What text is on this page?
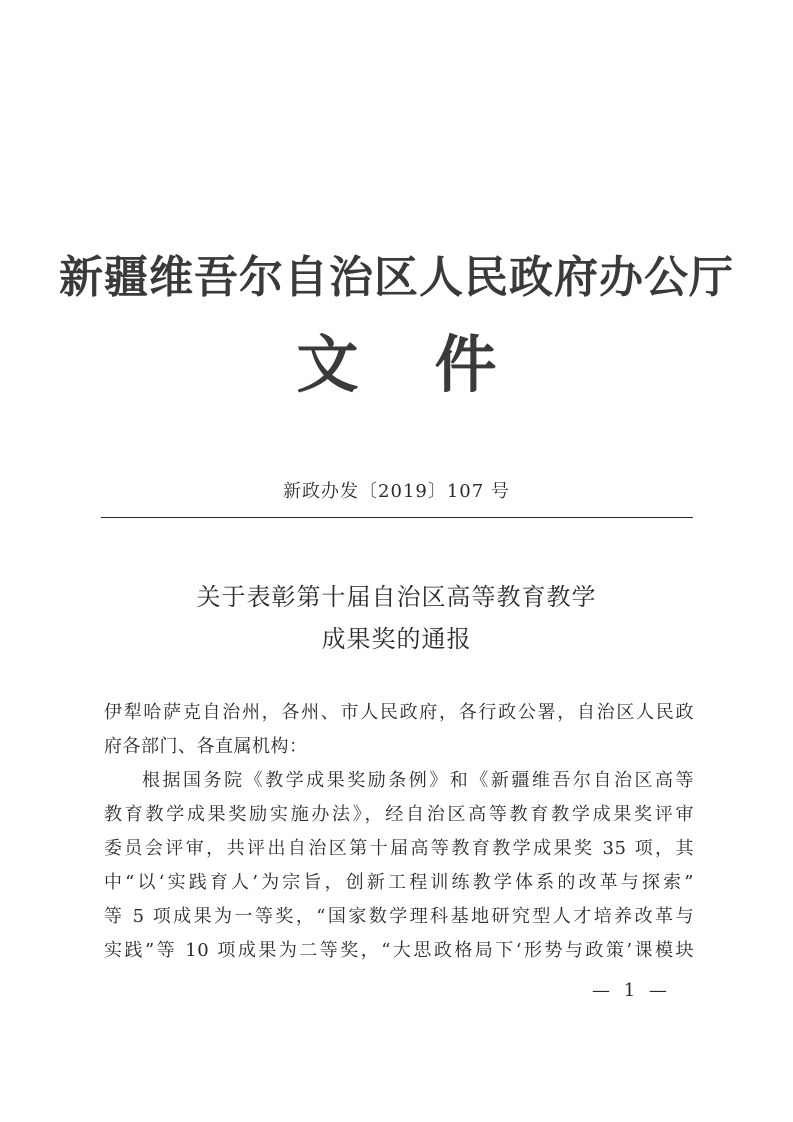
新疆维吾尔自治区人民政府办公厅
文件
新政办发〔2019〕107 号
关于表彰第十届自治区高等教育教学
成果奖的通报
伊犁哈萨克自治州，各州、市人民政府，各行政公署，自治区人民政
府各部门、各直属机构：
根据国务院《教学成果奖励条例》和《新疆维吾尔自治区高等
教育教学成果奖励实施办法》，经自治区高等教育教学成果奖评审
委员会评审，共评出自治区第十届高等教育教学成果奖 35 项，其
中“以‘实践育人’为宗旨，创新工程训练教学体系的改革与探索”
等 5 项成果为一等奖，“国家数学理科基地研究型人才培养改革与
实践”等 10 项成果为二等奖，“大思政格局下‘形势与政策’课模块
— 1 —
